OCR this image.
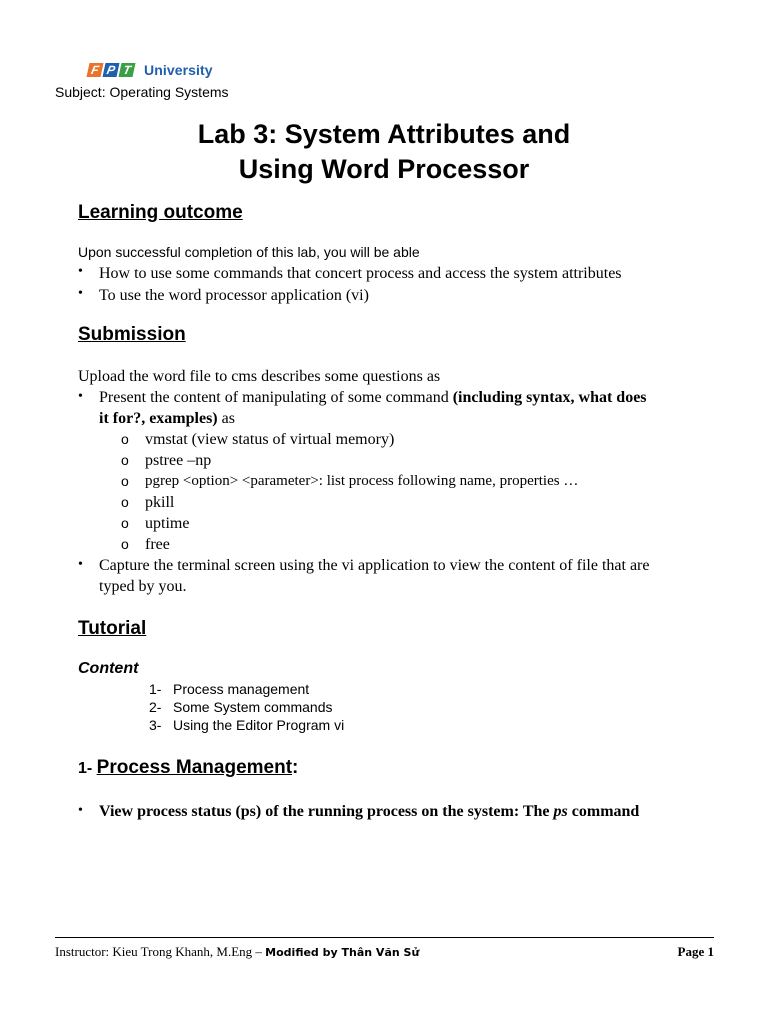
F P T University
Subject: Operating Systems
Lab 3: System Attributes and
Using Word Processor
Learning outcome
Upon successful completion of this lab, you will be able
• How to use some commands that concert process and access the system attributes
• To use the word processor application (vi)
Submission
Upload the word file to cms describes some questions as
• Present the content of manipulating of some command (including syntax, what does
it for?, examples) as
o vmstat (view status of virtual memory)
o pstree –np
o pgrep <option> <parameter>: list process following name, properties …
o pkill
o uptime
o free
• Capture the terminal screen using the vi application to view the content of file that are
typed by you.
Tutorial
Content
1- Process management
2- Some System commands
3- Using the Editor Program vi
1- Process Management:
• View process status (ps) of the running process on the system: The ps command
Instructor: Kieu Trong Khanh, M.Eng – Modified by Thân Văn Sử	Page 1
